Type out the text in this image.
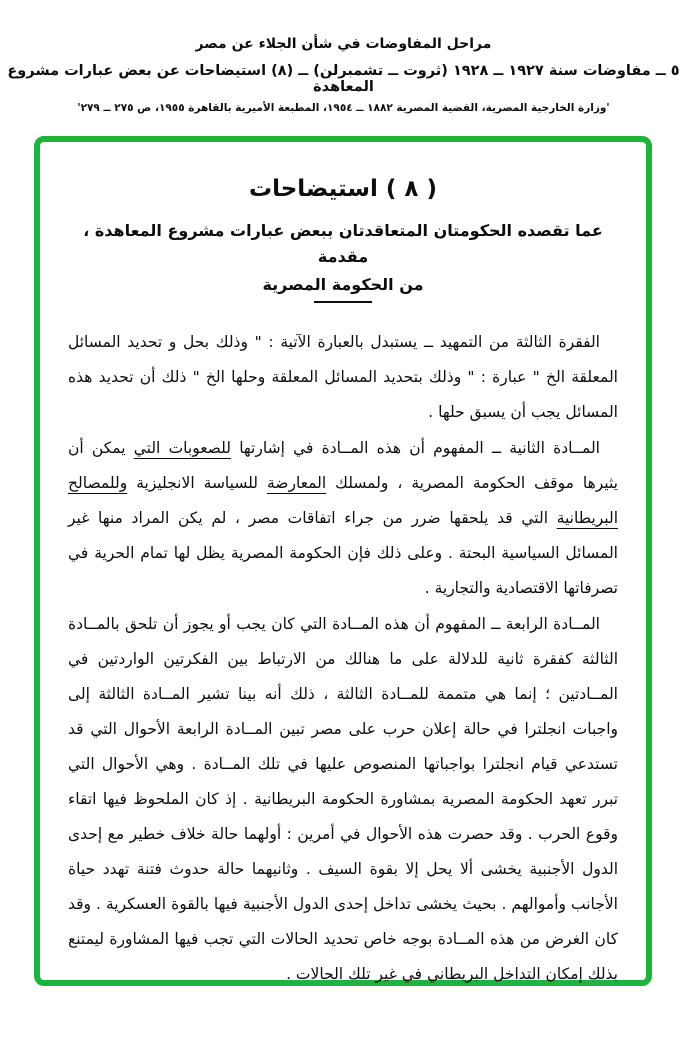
مراحل المفاوضات في شأن الجلاء عن مصر
٥ ــ مفاوضات سنة ١٩٢٧ ــ ١٩٢٨ (ثروت ــ تشمبرلن) ــ (٨) استيضاحات عن بعض عبارات مشروع المعاهدة
'وزارة الخارجية المصرية، القضية المصرية ١٨٨٢ ــ ١٩٥٤، المطبعة الأميرية بالقاهرة ١٩٥٥، ص ٢٧٥ ــ ٢٧٩'
( ٨ ) استيضاحات
عما تقصده الحكومتان المتعاقدتان ببعض عبارات مشروع المعاهدة ، مقدمة
من الحكومة المصرية

الفقرة الثالثة من التمهيد ــ يستبدل بالعبارة الآتية : " وذلك بحل و تحديد المسائل المعلقة الخ " عبارة : " وذلك بتحديد المسائل المعلقة وحلها الخ " ذلك أن تحديد هذه المسائل يجب أن يسبق حلها .

المــادة الثانية ــ المفهوم أن هذه المــادة في إشارتها للصعوبات التي يمكن أن يثيرها موقف الحكومة المصرية ، ولمسلك المعارضة للسياسة الانجليزية وللمصالح البريطانية التي قد يلحقها ضرر من جراء اتفاقات مصر ، لم يكن المراد منها غير المسائل السياسية البحتة . وعلى ذلك فإن الحكومة المصرية يظل لها تمام الحرية في تصرفاتها الاقتصادية والتجارية .

المــادة الرابعة ــ المفهوم أن هذه المــادة التي كان يجب أو يجوز أن تلحق بالمــادة الثالثة كفقرة ثانية للدلالة على ما هنالك من الارتباط بين الفكرتين الواردتين في المــادتين ؛ إنما هي متممة للمــادة الثالثة ، ذلك أنه بينا تشير المــادة الثالثة إلى واجبات انجلترا في حالة إعلان حرب على مصر تبين المــادة الرابعة الأحوال التي قد تستدعي قيام انجلترا بواجباتها المنصوص عليها في تلك المــادة . وهي الأحوال التي تبرر تعهد الحكومة المصرية بمشاورة الحكومة البريطانية . إذ كان الملحوظ فيها اتقاء وقوع الحرب . وقد حصرت هذه الأحوال في أمرين : أولهما حالة خلاف خطير مع إحدى الدول الأجنبية يخشى ألا يحل إلا بقوة السيف . وثانيهما حالة حدوث فتنة تهدد حياة الأجانب وأموالهم . بحيث يخشى تداخل إحدى الدول الأجنبية فيها بالقوة العسكرية . وقد كان الغرض من هذه المــادة بوجه خاص تحديد الحالات التي تجب فيها المشاورة ليمتنع بذلك إمكان التداخل البريطاني في غير تلك الحالات .
